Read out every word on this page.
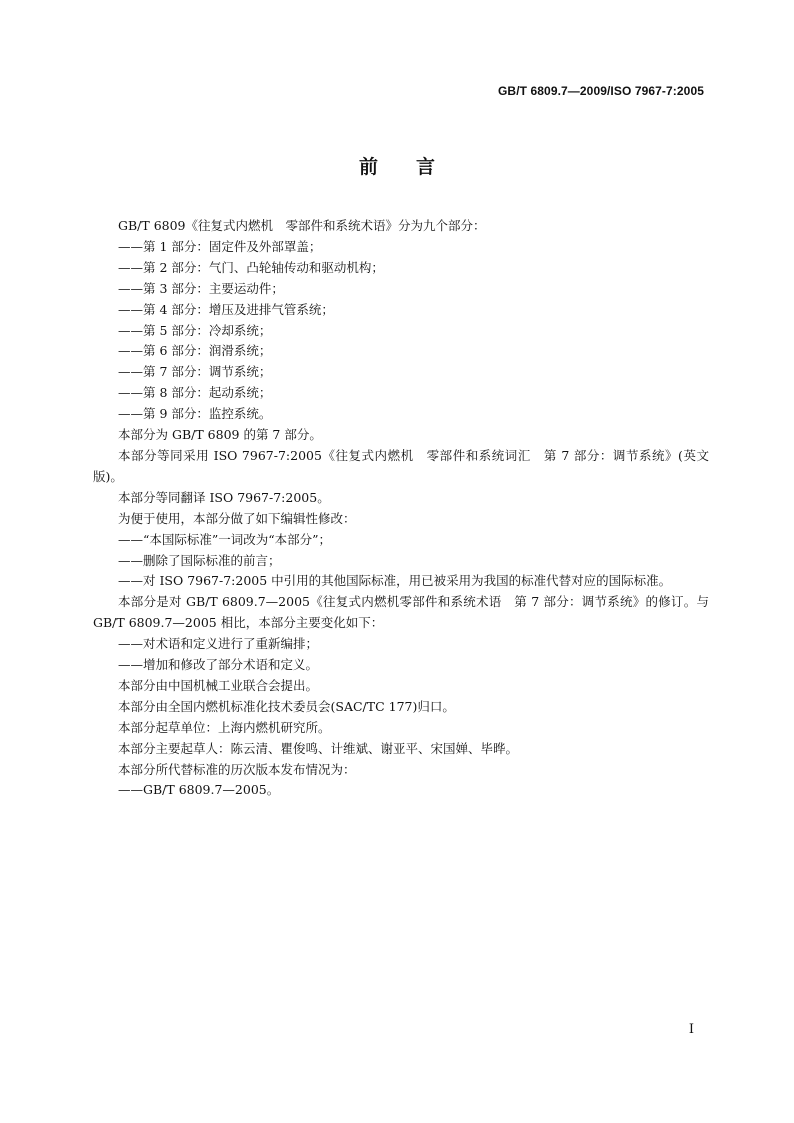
GB/T 6809.7—2009/ISO 7967-7:2005
前言

GB/T 6809《往复式内燃机　零部件和系统术语》分为九个部分：

——第 1 部分：固定件及外部罩盖；

——第 2 部分：气门、凸轮轴传动和驱动机构；

——第 3 部分：主要运动件；

——第 4 部分：增压及进排气管系统；

——第 5 部分：冷却系统；

——第 6 部分：润滑系统；

——第 7 部分：调节系统；

——第 8 部分：起动系统；

——第 9 部分：监控系统。

本部分为 GB/T 6809 的第 7 部分。

本部分等同采用 ISO 7967-7:2005《往复式内燃机　零部件和系统词汇　第 7 部分：调节系统》(英文版)。

本部分等同翻译 ISO 7967-7:2005。

为便于使用，本部分做了如下编辑性修改：

——“本国际标准”一词改为“本部分”；

——删除了国际标准的前言；

——对 ISO 7967-7:2005 中引用的其他国际标准，用已被采用为我国的标准代替对应的国际标准。

本部分是对 GB/T 6809.7—2005《往复式内燃机零部件和系统术语　第 7 部分：调节系统》的修订。与 GB/T 6809.7—2005 相比，本部分主要变化如下：

——对术语和定义进行了重新编排；

——增加和修改了部分术语和定义。

本部分由中国机械工业联合会提出。

本部分由全国内燃机标准化技术委员会(SAC/TC 177)归口。

本部分起草单位：上海内燃机研究所。

本部分主要起草人：陈云清、瞿俊鸣、计维斌、谢亚平、宋国婵、毕晔。

本部分所代替标准的历次版本发布情况为：

——GB/T 6809.7—2005。

I
